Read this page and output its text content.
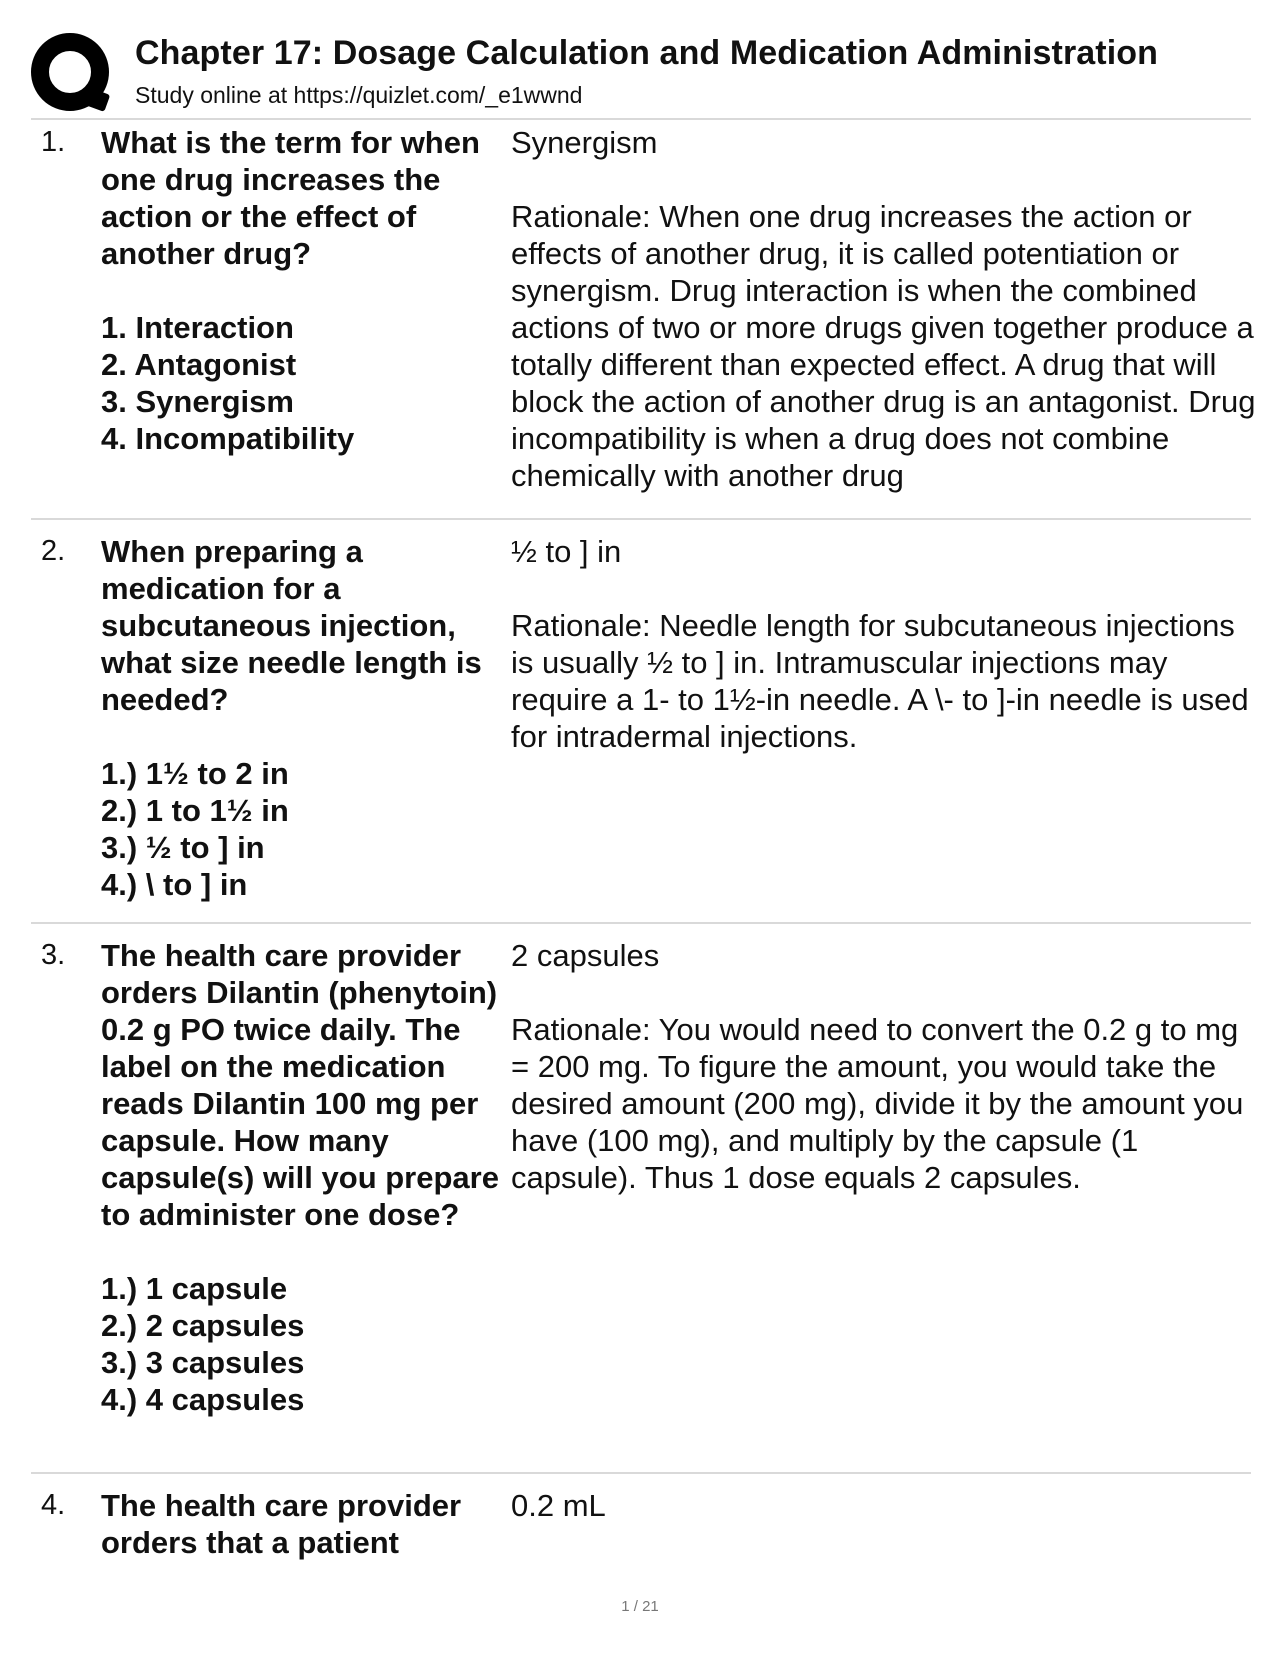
Chapter 17: Dosage Calculation and Medication Administration
Study online at https://quizlet.com/_e1wwnd
1. What is the term for when one drug increases the action or the effect of another drug?
1. Interaction
2. Antagonist
3. Synergism
4. Incompatibility
Synergism
Rationale: When one drug increases the action or effects of another drug, it is called potentiation or synergism. Drug interaction is when the combined actions of two or more drugs given together produce a totally different than expected effect. A drug that will block the action of another drug is an antagonist. Drug incompatibility is when a drug does not combine chemically with another drug
2. When preparing a medication for a subcutaneous injection, what size needle length is needed?
1.) 1½ to 2 in
2.) 1 to 1½ in
3.) ½ to ] in
4.) \ to ] in
½ to ] in
Rationale: Needle length for subcutaneous injections is usually ½ to ] in. Intramuscular injections may require a 1- to 1½-in needle. A \- to ]-in needle is used for intradermal injections.
3. The health care provider orders Dilantin (phenytoin) 0.2 g PO twice daily. The label on the medication reads Dilantin 100 mg per capsule. How many capsule(s) will you prepare to administer one dose?
1.) 1 capsule
2.) 2 capsules
3.) 3 capsules
4.) 4 capsules
2 capsules
Rationale: You would need to convert the 0.2 g to mg = 200 mg. To figure the amount, you would take the desired amount (200 mg), divide it by the amount you have (100 mg), and multiply by the capsule (1 capsule). Thus 1 dose equals 2 capsules.
4. The health care provider orders that a patient
0.2 mL
1 / 21
